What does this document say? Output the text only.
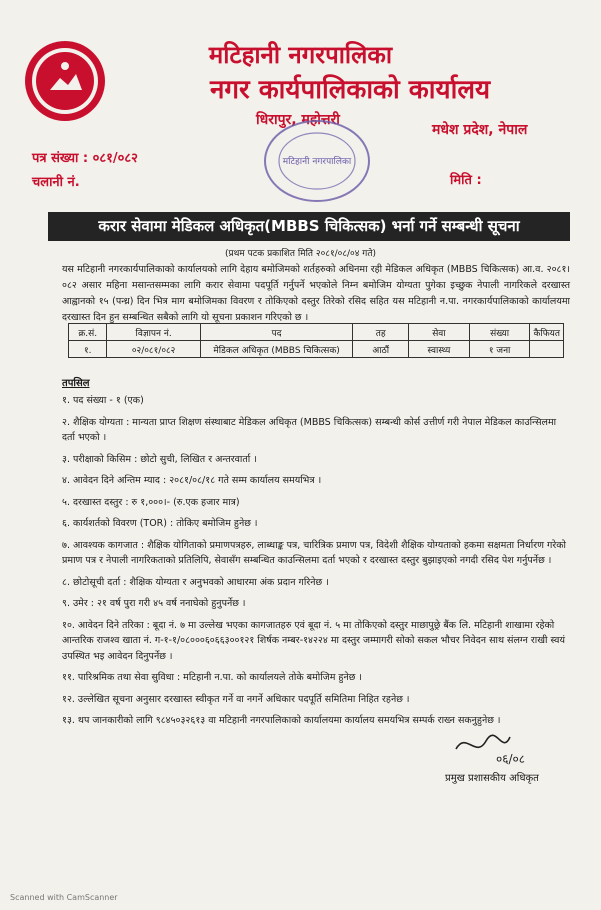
मटिहानी नगरपालिका
नगर कार्यपालिकाको कार्यालय
धिरापुर, महोत्तरी
मधेश प्रदेश, नेपाल
मटिहानी नगरपालिका
पत्र संख्या : ०८१/०८२
चलानी नं.	मिति :
करार सेवामा मेडिकल अधिकृत(MBBS चिकित्सक) भर्ना गर्ने सम्बन्धी सूचना
(प्रथम पटक प्रकाशित मिति २०८१/०८/०४ गते)
यस मटिहानी नगरकार्यपालिकाको कार्यालयको लागि देहाय बमोजिमको शर्तहरुको अधिनमा रही मेडिकल अधिकृत (MBBS चिकित्सक) आ.व. २०८१।०८२ असार महिना मसान्तसम्मका लागि करार सेवामा पदपूर्ति गर्नुपर्ने भएकोले निम्न बमोजिम योग्यता पुगेका इच्छुक नेपाली नागरिकले दरखास्त आह्वानको १५ (पन्ध्र) दिन भित्र माग बमोजिमका विवरण र तोकिएको दस्तुर तिरेको रसिद सहित यस मटिहानी न.पा. नगरकार्यपालिकाको कार्यालयमा दरखास्त दिन हुन सम्बन्धित सबैको लागि यो सूचना प्रकाशन गरिएको छ ।
क्र.सं.	विज्ञापन नं.	पद	तह	सेवा	संख्या	कैफियत
१.	०२/०८१/०८२	मेडिकल अधिकृत (MBBS चिकित्सक)	आठौं	स्वास्थ्य	१ जना	
तपसिल
१. पद संख्या - १ (एक)
२. शैक्षिक योग्यता : मान्यता प्राप्त शिक्षण संस्थाबाट मेडिकल अधिकृत (MBBS चिकित्सक) सम्बन्धी कोर्स उत्तीर्ण गरी नेपाल मेडिकल काउन्सिलमा दर्ता भएको ।
३. परीक्षाको किसिम : छोटो सुची, लिखित र अन्तरवार्ता ।
४. आवेदन दिने अन्तिम म्याद : २०८१/०८/१८ गते सम्म कार्यालय समयभित्र ।
५. दरखास्त दस्तुर : रु १,०००।- (रु.एक हजार मात्र)
६. कार्यशर्तको विवरण (TOR) : तोकिए बमोजिम हुनेछ ।
७. आवश्यक कागजात : शैक्षिक योगिताको प्रमाणपत्रहरु, लाब्धाङ्क पत्र, चारित्रिक प्रमाण पत्र, विदेशी शैक्षिक योग्यताको हकमा सक्षमता निर्धारण गरेको प्रमाण पत्र र नेपाली नागरिकताको प्रतिलिपि, सेवासँग सम्बन्धित काउन्सिलमा दर्ता भएको र दरखास्त दस्तुर बुझाइएको नगदी रसिद पेश गर्नुपर्नेछ ।
८. छोटोसूची दर्ता : शैक्षिक योग्यता र अनुभवको आधारमा अंक प्रदान गरिनेछ ।
९. उमेर : २१ वर्ष पुरा गरी ४५ वर्ष ननाघेको हुनुपर्नेछ ।
१०. आवेदन दिने तरिका : बूदा नं. ७ मा उल्लेख भएका कागजातहरु एवं बूदा नं. ५ मा तोकिएको दस्तुर माछापुछ्रे बैंक लि. मटिहानी शाखामा रहेको आन्तरिक राजश्व खाता नं. ग-१-१/०८०००६०६६३००१२१ शिर्षक नम्बर-१४२२४ मा दस्तुर जम्मागरी सोको सकल भौचर निवेदन साथ संलग्न राखी स्वयं उपस्थित भइ आवेदन दिनुपर्नेछ ।
११. पारिश्रमिक तथा सेवा सुविधा : मटिहानी न.पा. को कार्यालयले तोके बमोजिम हुनेछ ।
१२. उल्लेखित सूचना अनुसार दरखास्त स्वीकृत गर्ने वा नगर्ने अधिकार पदपूर्ति समितिमा निहित रहनेछ ।
१३. थप जानकारीको लागि ९८४५०३२६१३ वा मटिहानी नगरपालिकाको कार्यालयमा कार्यालय समयभित्र सम्पर्क राख्न सकनुहुनेछ ।
०६/०८
प्रमुख प्रशासकीय अधिकृत
Scanned with CamScanner
